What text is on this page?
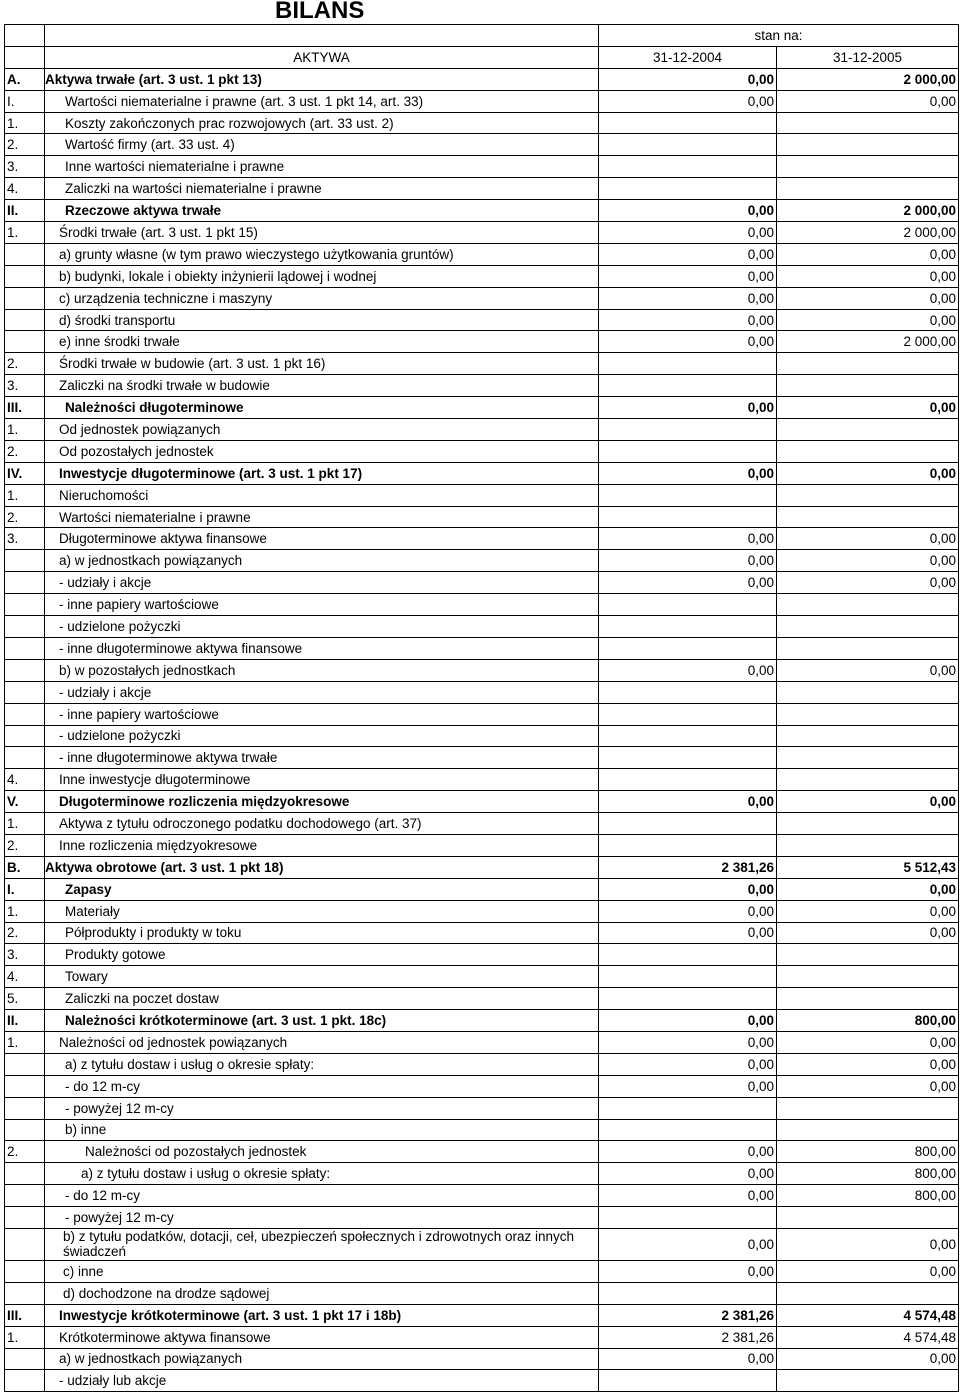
BILANS
		stan na:	
	AKTYWA	31-12-2004	31-12-2005
A.	Aktywa trwałe (art. 3 ust. 1 pkt 13)	0,00	2 000,00
I.	Wartości niematerialne i prawne (art. 3 ust. 1 pkt 14, art. 33)	0,00	0,00
1.	Koszty zakończonych prac rozwojowych (art. 33 ust. 2)		
2.	Wartość firmy (art. 33 ust. 4)		
3.	Inne wartości niematerialne i prawne		
4.	Zaliczki na wartości niematerialne i prawne		
II.	Rzeczowe aktywa trwałe	0,00	2 000,00
1.	Środki trwałe (art. 3 ust. 1 pkt 15)	0,00	2 000,00
	a) grunty własne (w tym prawo wieczystego użytkowania gruntów)	0,00	0,00
	b) budynki, lokale i obiekty inżynierii lądowej i wodnej	0,00	0,00
	c) urządzenia techniczne i maszyny	0,00	0,00
	d) środki transportu	0,00	0,00
	e) inne środki trwałe	0,00	2 000,00
2.	Środki trwałe w budowie (art. 3 ust. 1 pkt 16)		
3.	Zaliczki na środki trwałe w budowie		
III.	Należności długoterminowe	0,00	0,00
1.	Od jednostek powiązanych		
2.	Od pozostałych jednostek		
IV.	Inwestycje długoterminowe (art. 3 ust. 1 pkt 17)	0,00	0,00
1.	Nieruchomości		
2.	Wartości niematerialne i prawne		
3.	Długoterminowe aktywa finansowe	0,00	0,00
	a) w jednostkach powiązanych	0,00	0,00
	- udziały i akcje	0,00	0,00
	- inne papiery wartościowe		
	- udzielone pożyczki		
	- inne długoterminowe aktywa finansowe		
	b) w pozostałych jednostkach	0,00	0,00
	- udziały i akcje		
	- inne papiery wartościowe		
	- udzielone pożyczki		
	- inne długoterminowe aktywa trwałe		
4.	Inne inwestycje długoterminowe		
V.	Długoterminowe rozliczenia międzyokresowe	0,00	0,00
1.	Aktywa z tytułu odroczonego podatku dochodowego (art. 37)		
2.	Inne rozliczenia międzyokresowe		
B.	Aktywa obrotowe (art. 3 ust. 1 pkt 18)	2 381,26	5 512,43
I.	Zapasy	0,00	0,00
1.	Materiały	0,00	0,00
2.	Półprodukty i produkty w toku	0,00	0,00
3.	Produkty gotowe		
4.	Towary		
5.	Zaliczki na poczet dostaw		
II.	Należności krótkoterminowe (art. 3 ust. 1 pkt. 18c)	0,00	800,00
1.	Należności od jednostek powiązanych	0,00	0,00
	a) z tytułu dostaw i usług o okresie spłaty:	0,00	0,00
	- do 12 m-cy	0,00	0,00
	- powyżej 12 m-cy		
	b) inne		
2.	Należności od pozostałych jednostek	0,00	800,00
	a) z tytułu dostaw i usług o okresie spłaty:	0,00	800,00
	- do 12 m-cy	0,00	800,00
	- powyżej 12 m-cy		
	b) z tytułu podatków, dotacji, ceł, ubezpieczeń społecznych i zdrowotnych oraz innych świadczeń	0,00	0,00
	c) inne	0,00	0,00
	d) dochodzone na drodze sądowej		
III.	Inwestycje krótkoterminowe (art. 3 ust. 1 pkt 17 i 18b)	2 381,26	4 574,48
1.	Krótkoterminowe aktywa finansowe	2 381,26	4 574,48
	a) w jednostkach powiązanych	0,00	0,00
	- udziały lub akcje		
